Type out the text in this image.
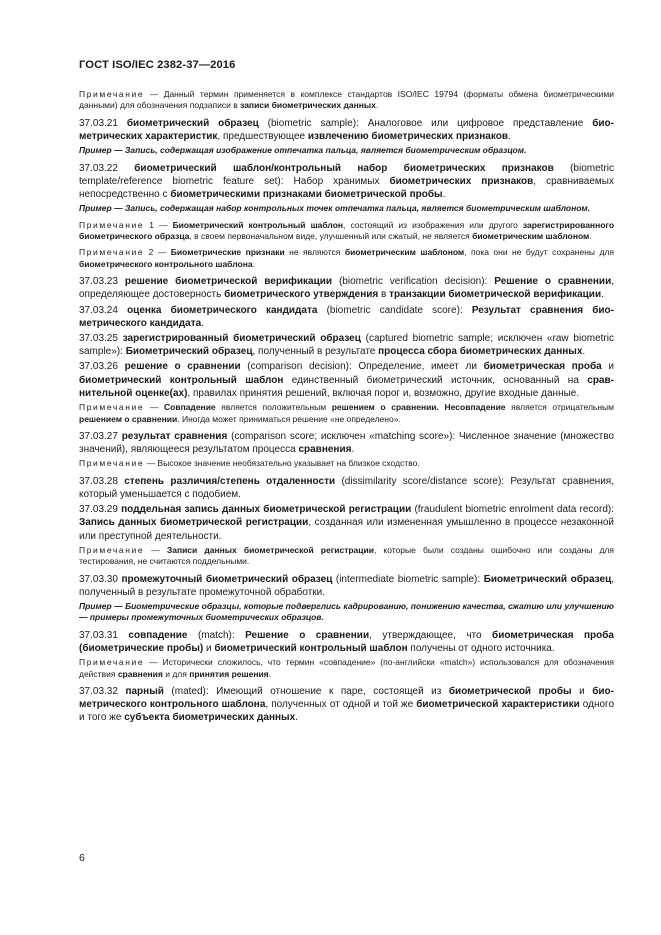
ГОСТ ISO/IEC 2382-37—2016

Примечание — Данный термин применяется в комплексе стандартов ISO/IEC 19794 (форматы обмена биометрическими данными) для обозначения подзаписи в записи биометрических данных.

37.03.21 биометрический образец (biometric sample): Аналоговое или цифровое представление биометрических характеристик, предшествующее извлечению биометрических признаков.

Пример — Запись, содержащая изображение отпечатка пальца, является биометрическим образцом.

37.03.22 биометрический шаблон/контрольный набор биометрических признаков (biometric template/reference biometric feature set): Набор хранимых биометрических признаков, сравниваемых непосредственно с биометрическими признаками биометрической пробы.

Пример — Запись, содержащая набор контрольных точек отпечатка пальца, является биометрическим шаблоном.

Примечание 1 — Биометрический контрольный шаблон, состоящий из изображения или другого зарегистрированного биометрического образца, в своем первоначальном виде, улучшенный или сжатый, не является биометрическим шаблоном.

Примечание 2 — Биометрические признаки не являются биометрическим шаблоном, пока они не будут сохранены для биометрического контрольного шаблона.

37.03.23 решение биометрической верификации (biometric verification decision): Решение о сравнении, определяющее достоверность биометрического утверждения в транзакции биометрической верификации.

37.03.24 оценка биометрического кандидата (biometric candidate score): Результат сравнения биометрического кандидата.

37.03.25 зарегистрированный биометрический образец (captured biometric sample; исключен «raw biometric sample»): Биометрический образец, полученный в результате процесса сбора биометрических данных.

37.03.26 решение о сравнении (comparison decision): Определение, имеет ли биометрическая проба и биометрический контрольный шаблон единственный биометрический источник, основанный на сравнительной оценке(ах), правилах принятия решений, включая порог и, возможно, другие входные данные.

Примечание — Совпадение является положительным решением о сравнении. Несовпадение является отрицательным решением о сравнении. Иногда может приниматься решение «не определено».

37.03.27 результат сравнения (comparison score; исключен «matching score»): Численное значение (множество значений), являющееся результатом процесса сравнения.

Примечание — Высокое значение необязательно указывает на близкое сходство.

37.03.28 степень различия/степень отдаленности (dissimilarity score/distance score): Результат сравнения, который уменьшается с подобием.

37.03.29 поддельная запись данных биометрической регистрации (fraudulent biometric enrolment data record): Запись данных биометрической регистрации, созданная или измененная умышленно в процессе незаконной или преступной деятельности.

Примечание — Записи данных биометрической регистрации, которые были созданы ошибочно или созданы для тестирования, не считаются поддельными.

37.03.30 промежуточный биометрический образец (intermediate biometric sample): Биометрический образец, полученный в результате промежуточной обработки.

Пример — Биометрические образцы, которые подверглись кадрированию, понижению качества, сжатию или улучшению — примеры промежуточных биометрических образцов.

37.03.31 совпадение (match): Решение о сравнении, утверждающее, что биометрическая проба (биометрические пробы) и биометрический контрольный шаблон получены от одного источника.

Примечание — Исторически сложилось, что термин «совпадение» (по-английски «match») использовался для обозначения действия сравнения и для принятия решения.

37.03.32 парный (mated): Имеющий отношение к паре, состоящей из биометрической пробы и биометрического контрольного шаблона, полученных от одной и той же биометрической характеристики одного и того же субъекта биометрических данных.

6
